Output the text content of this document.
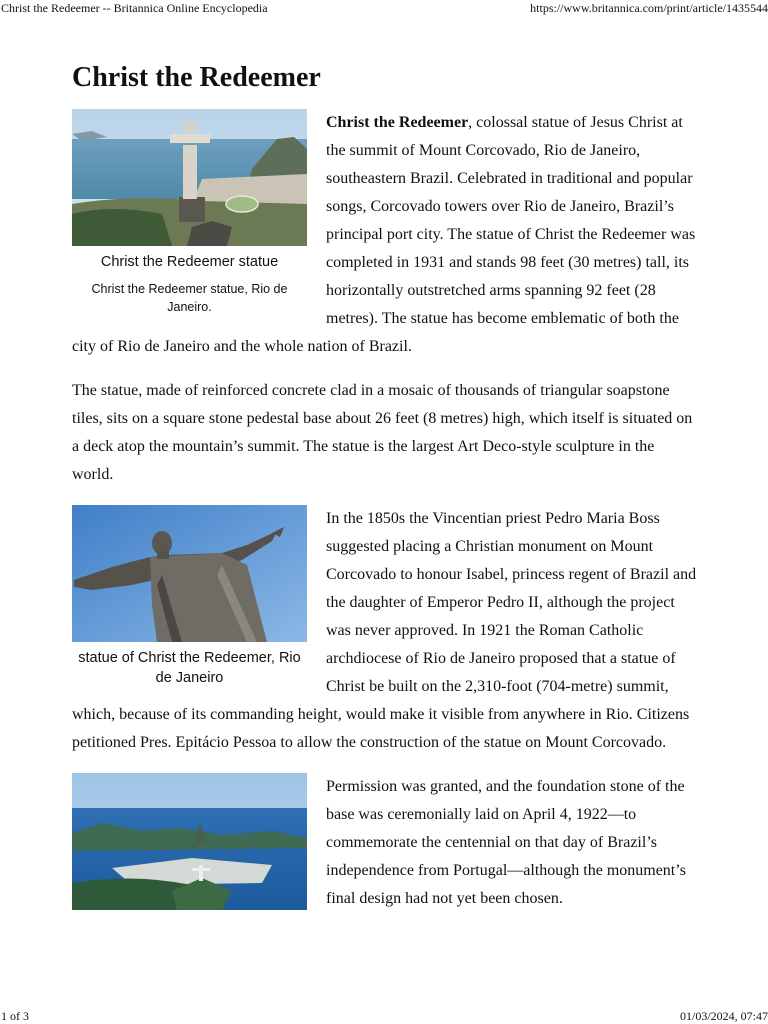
Christ the Redeemer -- Britannica Online Encyclopedia	https://www.britannica.com/print/article/1435544
Christ the Redeemer
Christ the Redeemer statue
Christ the Redeemer statue, Rio de Janeiro.

Christ the Redeemer, colossal statue of Jesus Christ at the summit of Mount Corcovado, Rio de Janeiro, southeastern Brazil. Celebrated in traditional and popular songs, Corcovado towers over Rio de Janeiro, Brazil’s principal port city. The statue of Christ the Redeemer was completed in 1931 and stands 98 feet (30 metres) tall, its horizontally outstretched arms spanning 92 feet (28 metres). The statue has become emblematic of both the city of Rio de Janeiro and the whole nation of Brazil.

The statue, made of reinforced concrete clad in a mosaic of thousands of triangular soapstone tiles, sits on a square stone pedestal base about 26 feet (8 metres) high, which itself is situated on a deck atop the mountain’s summit. The statue is the largest Art Deco-style sculpture in the world.

statue of Christ the Redeemer, Rio de Janeiro

In the 1850s the Vincentian priest Pedro Maria Boss suggested placing a Christian monument on Mount Corcovado to honour Isabel, princess regent of Brazil and the daughter of Emperor Pedro II, although the project was never approved. In 1921 the Roman Catholic archdiocese of Rio de Janeiro proposed that a statue of Christ be built on the 2,310-foot (704-metre) summit, which, because of its commanding height, would make it visible from anywhere in Rio. Citizens petitioned Pres. Epitácio Pessoa to allow the construction of the statue on Mount Corcovado.

Permission was granted, and the foundation stone of the base was ceremonially laid on April 4, 1922—to commemorate the centennial on that day of Brazil’s independence from Portugal—although the monument’s final design had not yet been chosen.

1 of 3	01/03/2024, 07:47
